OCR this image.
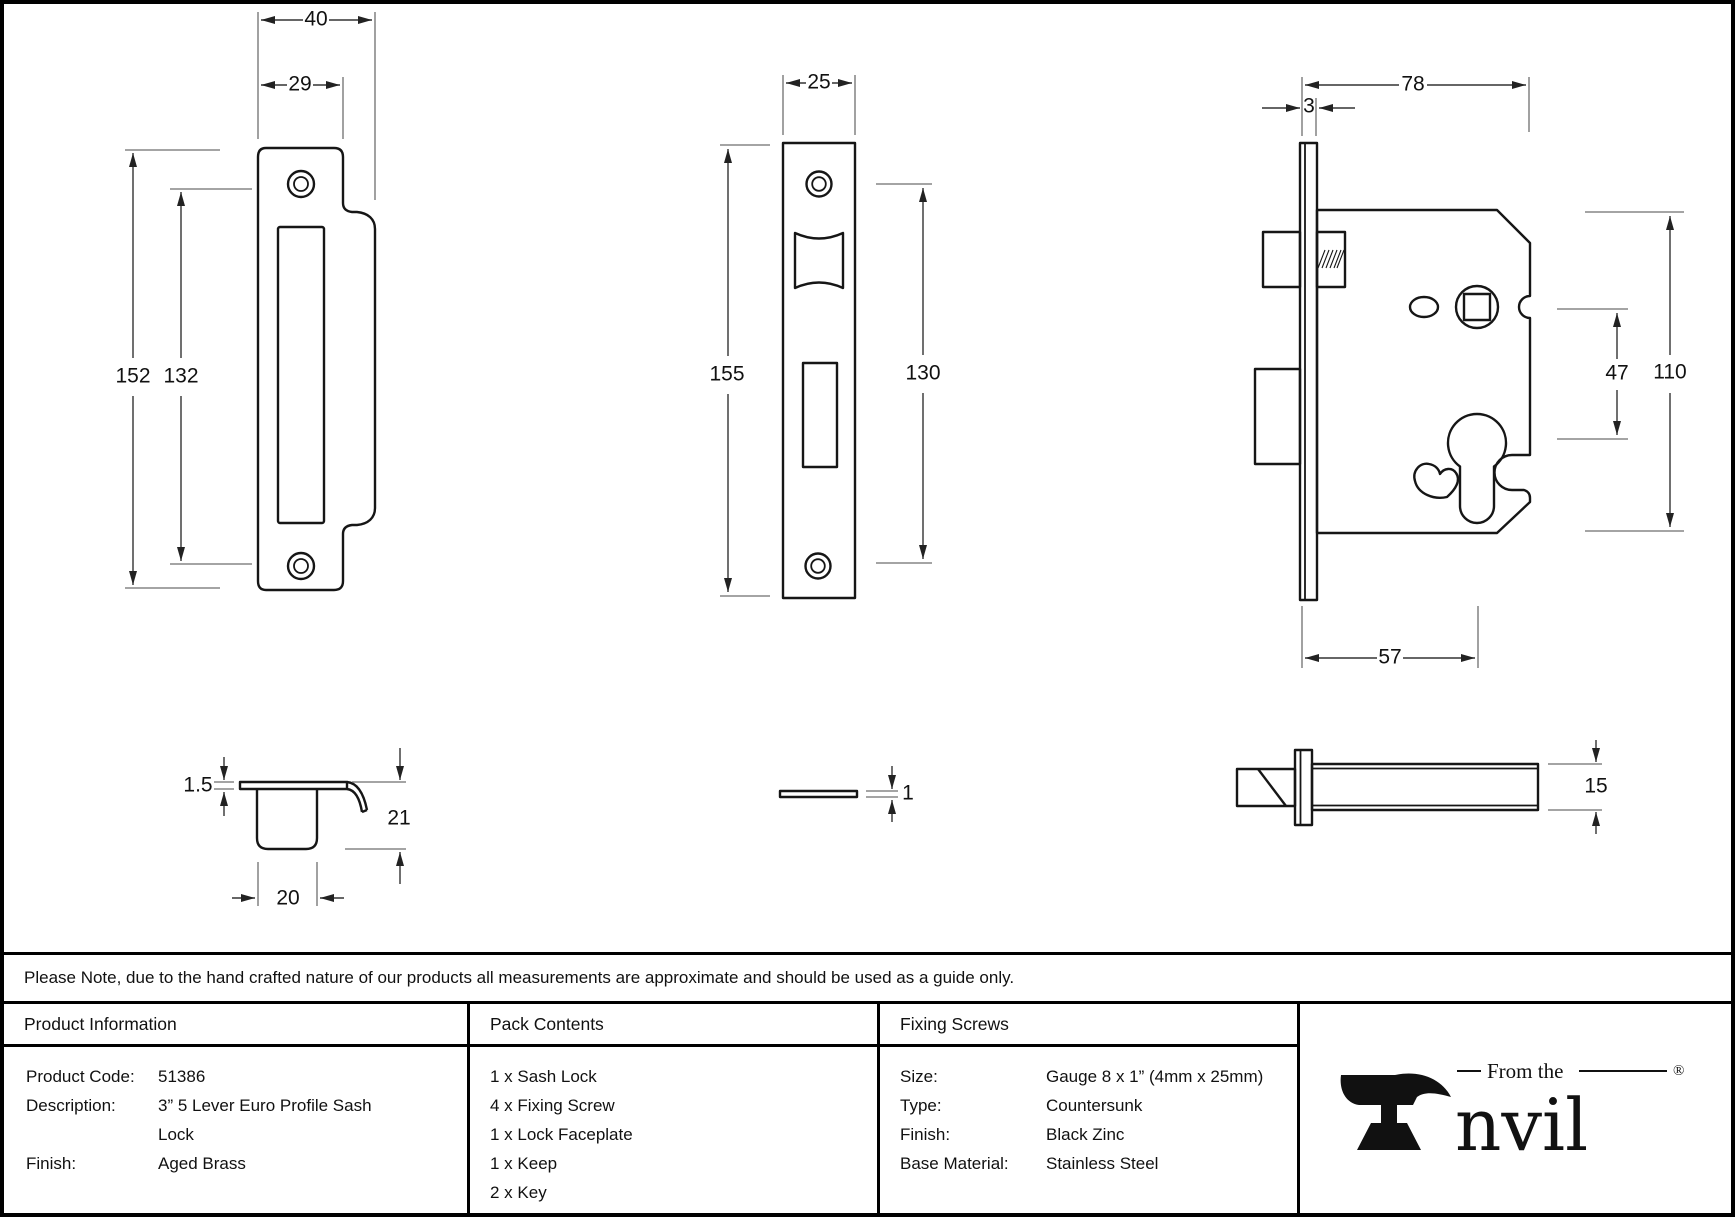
40
29
152 132
25
155	130
78
3
47 110
57
1.5
21
20
1	15
Please Note, due to the hand crafted nature of our products all measurements are approximate and should be used as a guide only.
Product Information
Product Code:	51386
Description:	3” 5 Lever Euro Profile Sash Lock
Finish:	Aged Brass
Pack Contents
1 x Sash Lock
4 x Fixing Screw
1 x Lock Faceplate
1 x Keep
2 x Key
Fixing Screws
Size:	Gauge 8 x 1” (4mm x 25mm)
Type:	Countersunk
Finish:	Black Zinc
Base Material:	Stainless Steel
From the	®
nvil
